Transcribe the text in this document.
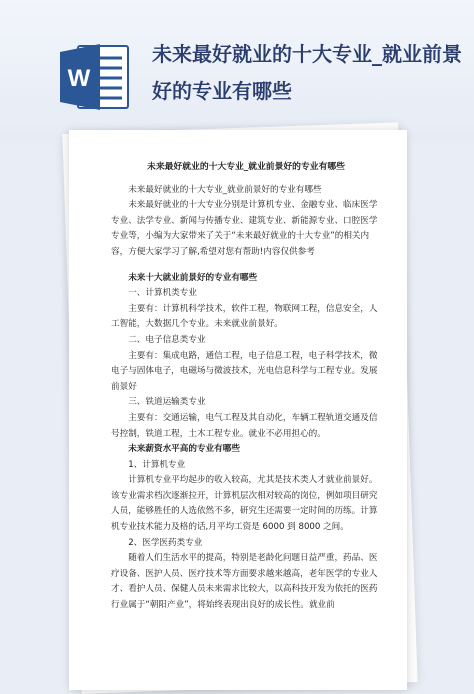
W
未来最好就业的十大专业_就业前景好的专业有哪些

未来最好就业的十大专业_就业前景好的专业有哪些

未来最好就业的十大专业_就业前景好的专业有哪些

未来最好就业的十大专业分别是计算机专业、金融专业、临床医学专业、法学专业、新闻与传播专业、建筑专业、新能源专业、口腔医学专业等，小编为大家带来了关于“未来最好就业的十大专业”的相关内容，方便大家学习了解,希望对您有帮助!内容仅供参考

未来十大就业前景好的专业有哪些

一、计算机类专业

主要有：计算机科学技术，软件工程，物联网工程，信息安全，人工智能，大数据几个专业。未来就业前景好。

二、电子信息类专业

主要有：集成电路，通信工程，电子信息工程，电子科学技术，微电子与固体电子，电磁场与微波技术，光电信息科学与工程专业。发展前景好

三、铁道运输类专业

主要有：交通运输，电气工程及其自动化，车辆工程轨道交通及信号控制，铁道工程，土木工程专业。就业不必用担心的。

未来薪资水平高的专业有哪些

1、计算机专业

计算机专业平均起步的收入较高，尤其是技术类人才就业前景好。该专业需求档次逐渐拉开，计算机层次相对较高的岗位，例如项目研究人员，能够胜任的人选依然不多，研究生还需要一定时间的历练。计算机专业技术能力及格的话,月平均工资是 6000 到 8000 之间。

2、医学医药类专业

随着人们生活水平的提高，特别是老龄化问题日益严重，药品、医疗设备、医护人员、医疗技术等方面要求越来越高，老年医学的专业人才、看护人员、保健人员未来需求比较大，以高科技开发为依托的医药行业属于“朝阳产业”，将始终表现出良好的成长性。就业前
